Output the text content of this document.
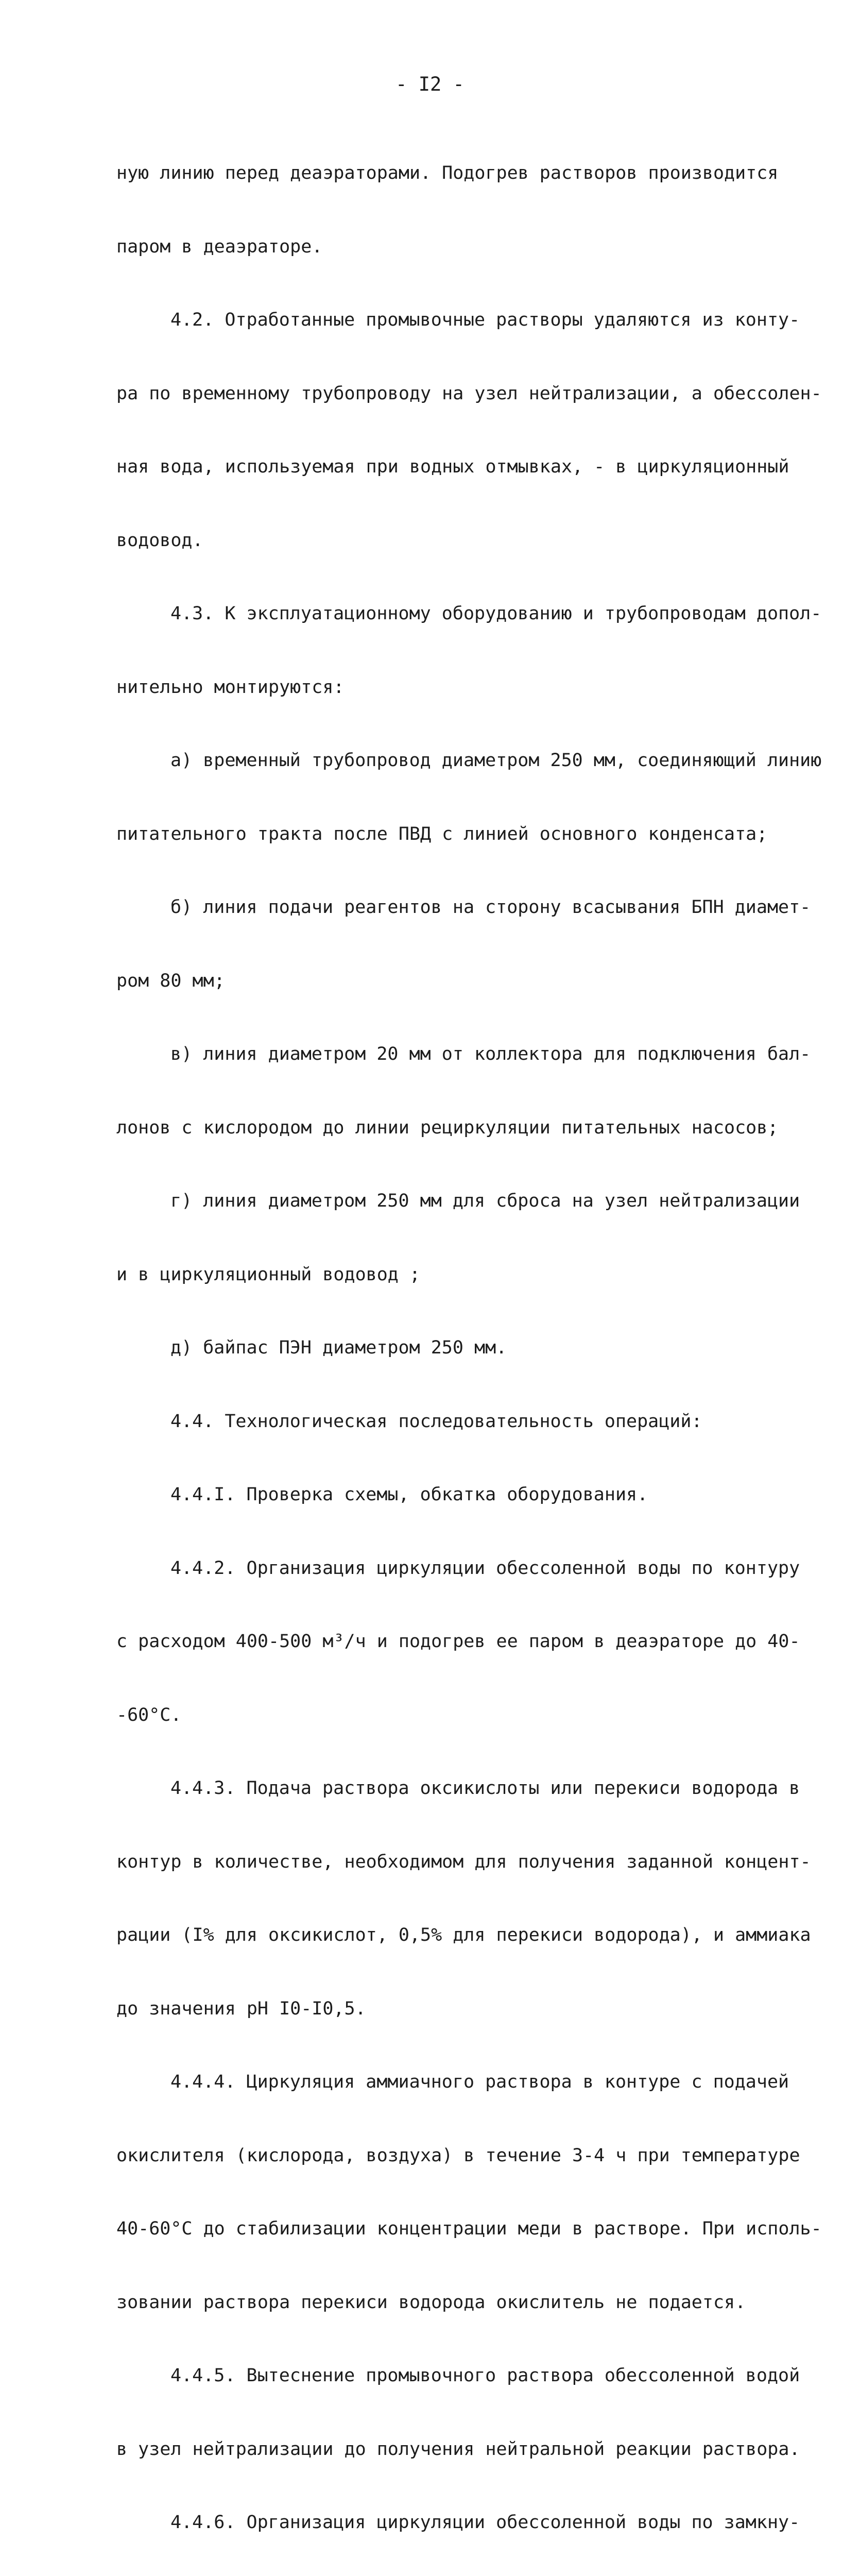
- I2 -

ную линию перед деаэраторами. Подогрев растворов производится

паром в деаэраторе.

4.2. Отработанные промывочные растворы удаляются из конту-

ра по временному трубопроводу на узел нейтрализации, а обессолен-

ная вода, используемая при водных отмывках, - в циркуляционный

водовод.

4.3. К эксплуатационному оборудованию и трубопроводам допол-

нительно монтируются:

а) временный трубопровод диаметром 250 мм, соединяющий линию

питательного тракта после ПВД с линией основного конденсата;

б) линия подачи реагентов на сторону всасывания БПН диамет-

ром 80 мм;

в) линия диаметром 20 мм от коллектора для подключения бал-

лонов с кислородом до линии рециркуляции питательных насосов;

г) линия диаметром 250 мм для сброса на узел нейтрализации

и в циркуляционный водовод ;

д) байпас ПЭН диаметром 250 мм.

4.4. Технологическая последовательность операций:

4.4.I. Проверка схемы, обкатка оборудования.

4.4.2. Организация циркуляции обессоленной воды по контуру

с расходом 400-500 м³/ч и подогрев ее паром в деаэраторе до 40-

-60°С.

4.4.3. Подача раствора оксикислоты или перекиси водорода в

контур в количестве, необходимом для получения заданной концент-

рации (I% для оксикислот, 0,5% для перекиси водорода), и аммиака

до значения рН I0-I0,5.

4.4.4. Циркуляция аммиачного раствора в контуре с подачей

окислителя (кислорода, воздуха) в течение 3-4 ч при температуре

40-60°С до стабилизации концентрации меди в растворе. При исполь-

зовании раствора перекиси водорода окислитель не подается.

4.4.5. Вытеснение промывочного раствора обессоленной водой

в узел нейтрализации до получения нейтральной реакции раствора.

4.4.6. Организация циркуляции обессоленной воды по замкну-
